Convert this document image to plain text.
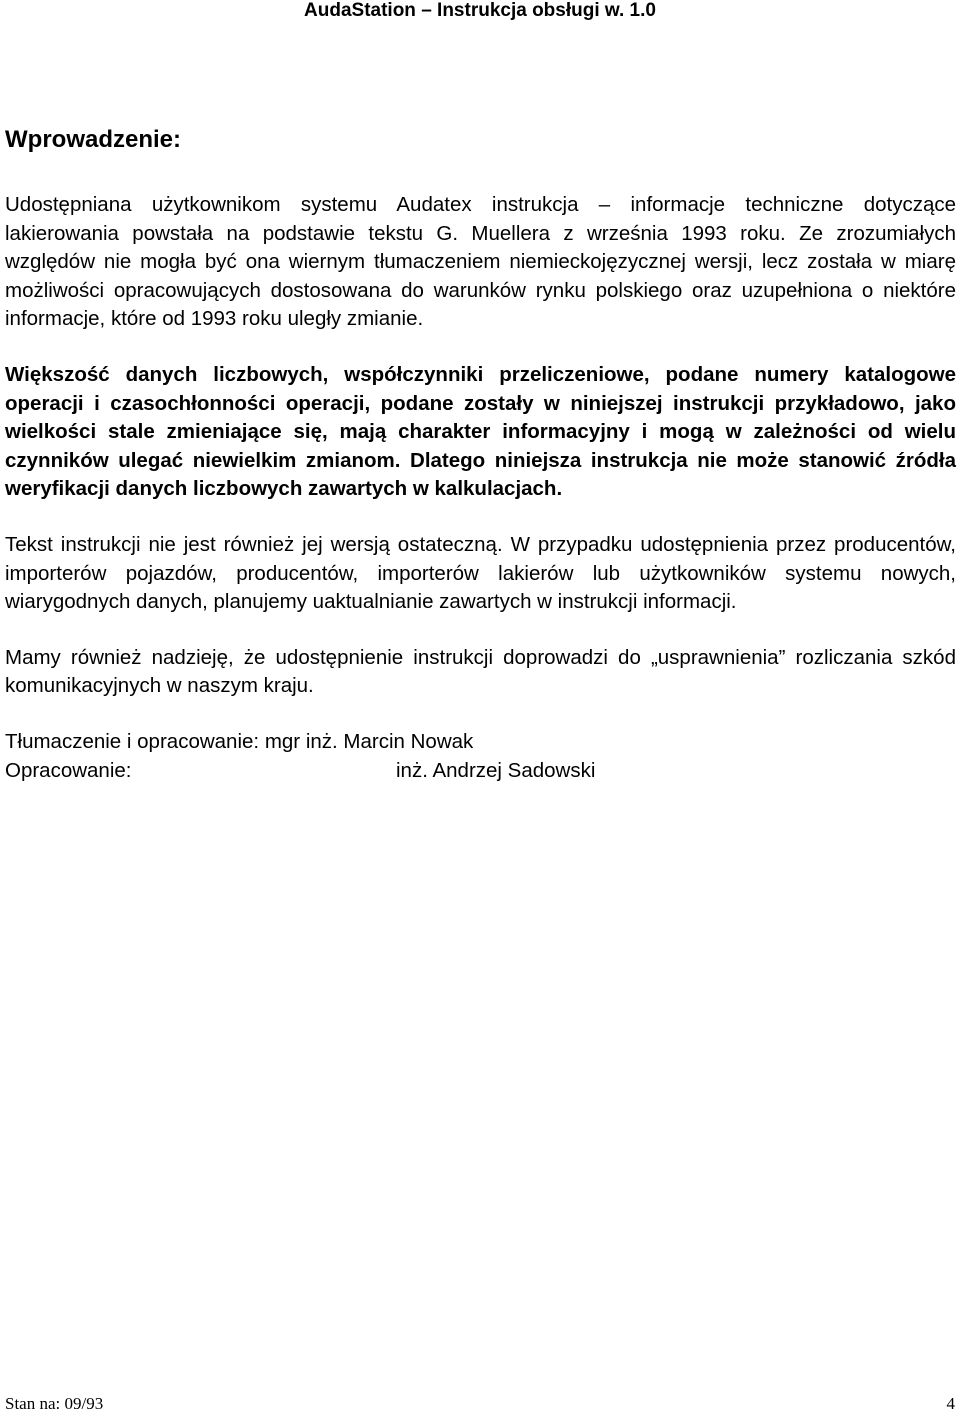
AudaStation – Instrukcja obsługi w. 1.0
Wprowadzenie:

Udostępniana użytkownikom systemu Audatex instrukcja – informacje techniczne dotyczące lakierowania powstała na podstawie tekstu G. Muellera z września 1993 roku. Ze zrozumiałych względów nie mogła być ona wiernym tłumaczeniem niemieckojęzycznej wersji, lecz została w miarę możliwości opracowujących dostosowana do warunków rynku polskiego oraz uzupełniona o niektóre informacje, które od 1993 roku uległy zmianie.

Większość danych liczbowych, współczynniki przeliczeniowe, podane numery katalogowe operacji i czasochłonności operacji, podane zostały w niniejszej instrukcji przykładowo, jako wielkości stale zmieniające się, mają charakter informacyjny i mogą w zależności od wielu czynników ulegać niewielkim zmianom. Dlatego niniejsza instrukcja nie może stanowić źródła weryfikacji danych liczbowych zawartych w kalkulacjach.

Tekst instrukcji nie jest również jej wersją ostateczną. W przypadku udostępnienia przez producentów, importerów pojazdów, producentów, importerów lakierów lub użytkowników systemu nowych, wiarygodnych danych, planujemy uaktualnianie zawartych w instrukcji informacji.

Mamy również nadzieję, że udostępnienie instrukcji doprowadzi do „usprawnienia” rozliczania szkód komunikacyjnych w naszym kraju.

Tłumaczenie i opracowanie: mgr inż. Marcin Nowak

Opracowanie:	inż. Andrzej Sadowski

Stan na: 09/93	4
